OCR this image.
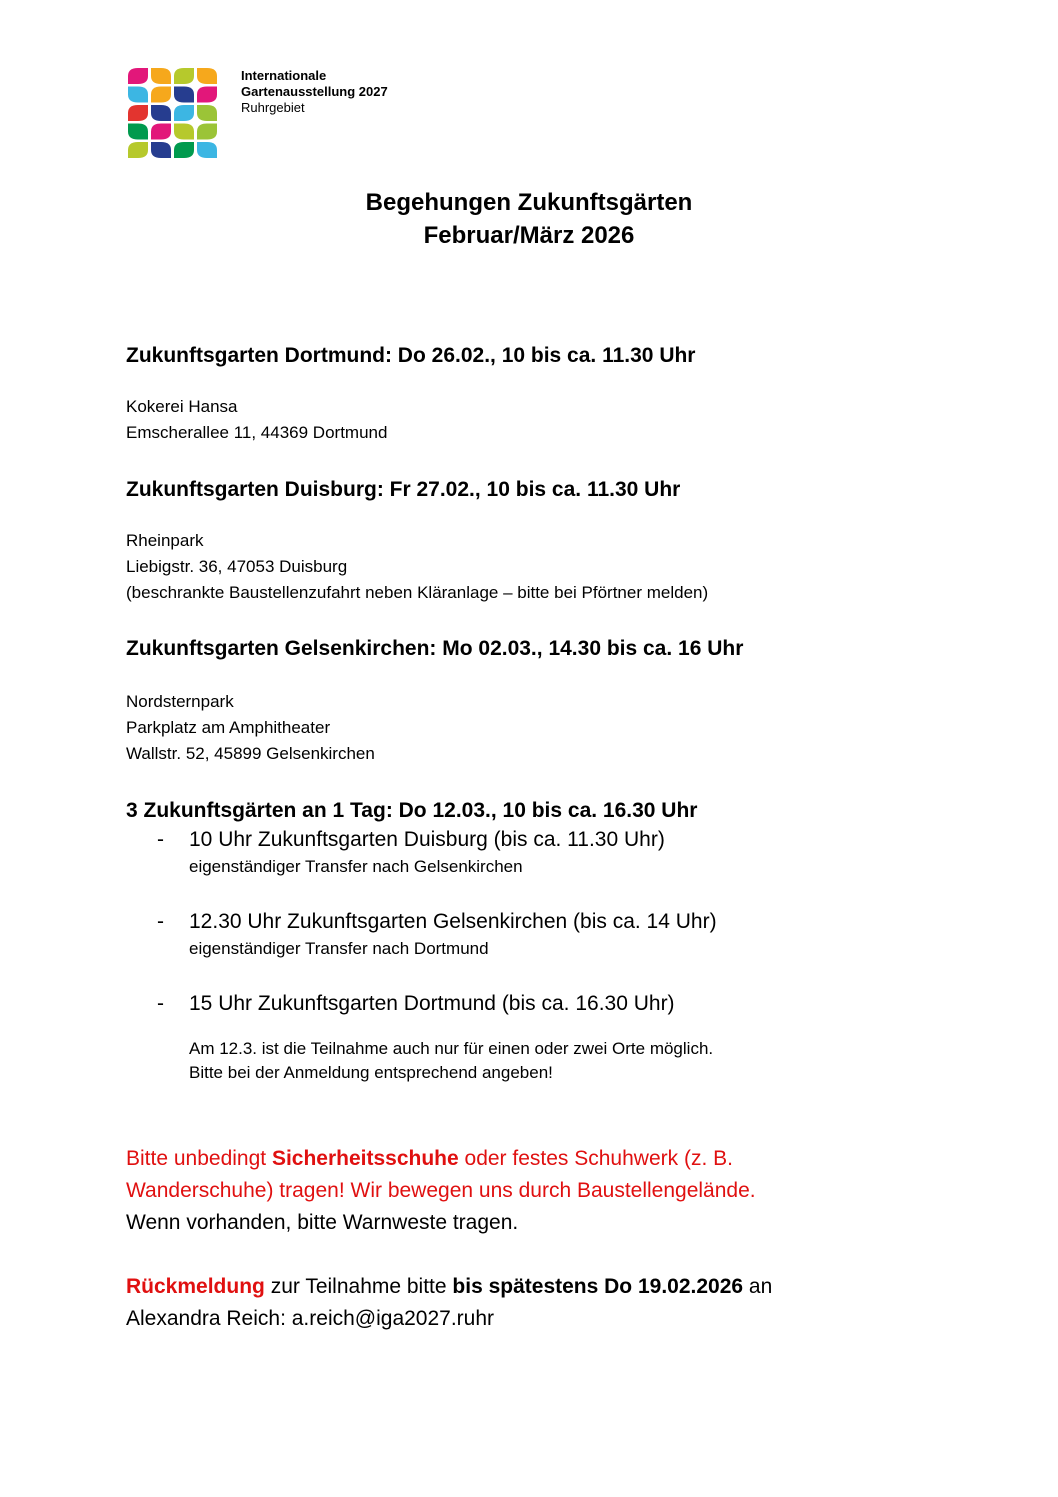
Internationale
Gartenausstellung 2027
Ruhrgebiet
Begehungen Zukunftsgärten
Februar/März 2026
Zukunftsgarten Dortmund: Do 26.02., 10 bis ca. 11.30 Uhr
Kokerei Hansa
Emscherallee 11, 44369 Dortmund
Zukunftsgarten Duisburg: Fr 27.02., 10 bis ca. 11.30 Uhr
Rheinpark
Liebigstr. 36, 47053 Duisburg
(beschrankte Baustellenzufahrt neben Kläranlage – bitte bei Pförtner melden)
Zukunftsgarten Gelsenkirchen: Mo 02.03., 14.30 bis ca. 16 Uhr
Nordsternpark
Parkplatz am Amphitheater
Wallstr. 52, 45899 Gelsenkirchen
3 Zukunftsgärten an 1 Tag: Do 12.03., 10 bis ca. 16.30 Uhr
- 10 Uhr Zukunftsgarten Duisburg (bis ca. 11.30 Uhr)
eigenständiger Transfer nach Gelsenkirchen
- 12.30 Uhr Zukunftsgarten Gelsenkirchen (bis ca. 14 Uhr)
eigenständiger Transfer nach Dortmund
- 15 Uhr Zukunftsgarten Dortmund (bis ca. 16.30 Uhr)
Am 12.3. ist die Teilnahme auch nur für einen oder zwei Orte möglich.
Bitte bei der Anmeldung entsprechend angeben!
Bitte unbedingt Sicherheitsschuhe oder festes Schuhwerk (z. B.
Wanderschuhe) tragen! Wir bewegen uns durch Baustellengelände.
Wenn vorhanden, bitte Warnweste tragen.
Rückmeldung zur Teilnahme bitte bis spätestens Do 19.02.2026 an
Alexandra Reich: a.reich@iga2027.ruhr
